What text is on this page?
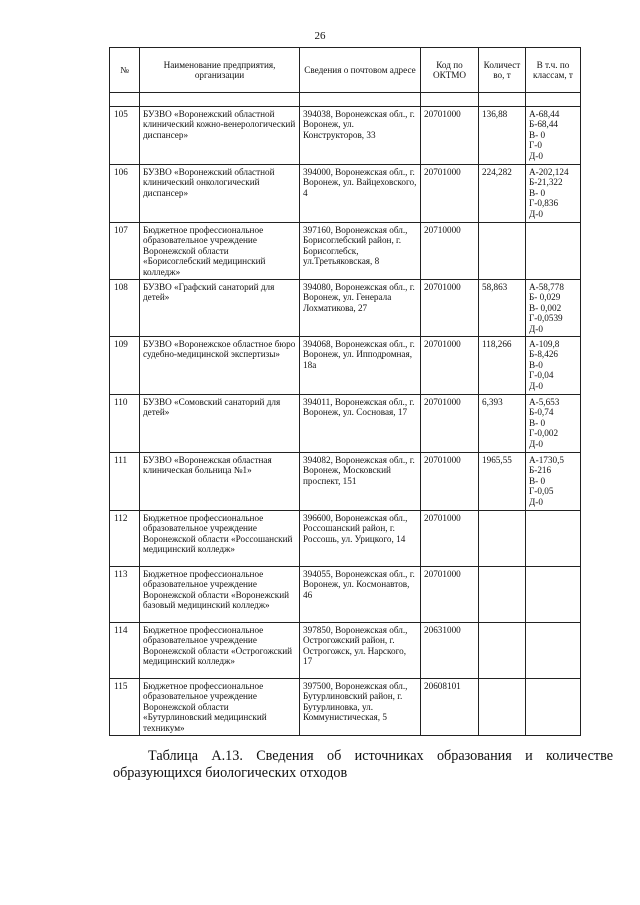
26
№	Наименование предприятия, организации	Сведения о почтовом адресе	Код по ОКТМО	Количест во, т	В т.ч. по классам, т

105	БУЗВО «Воронежский областной клинический кожно-венерологический диспансер»	394038, Воронежская обл., г. Воронеж, ул. Конструкторов, 33	20701000	136,88	А-68,44
Б-68,44
В- 0
Г-0
Д-0

106	БУЗВО «Воронежский областной клинический онкологический диспансер»	394000, Воронежская обл., г. Воронеж, ул. Вайцеховского, 4	20701000	224,282	А-202,124
Б-21,322
В- 0
Г-0,836
Д-0

107	Бюджетное профессиональное образовательное учреждение Воронежской области «Борисоглебский медицинский колледж»	397160, Воронежская обл., Борисоглебский район, г. Борисоглебск, ул.Третьяковская, 8	20710000		
108	БУЗВО «Графский санаторий для детей»	394080, Воронежская обл., г. Воронеж, ул. Генерала Лохматикова, 27	20701000	58,863	А-58,778
Б- 0,029
В- 0,002
Г-0,0539
Д-0

109	БУЗВО «Воронежское областное бюро судебно-медицинской экспертизы»	394068, Воронежская обл., г. Воронеж, ул. Ипподромная, 18а	20701000	118,266	А-109,8
Б-8,426
В-0
Г-0,04
Д-0

110	БУЗВО «Сомовский санаторий для детей»	394011, Воронежская обл., г. Воронеж, ул. Сосновая, 17	20701000	6,393	А-5,653
Б-0,74
В- 0
Г-0,002
Д-0

111	БУЗВО «Воронежская областная клиническая больница №1»	394082, Воронежская обл., г. Воронеж, Московский проспект, 151	20701000	1965,55	А-1730,5
Б-216
В- 0
Г-0,05
Д-0

112	Бюджетное профессиональное образовательное учреждение Воронежской области «Россошанский медицинский колледж»	396600, Воронежская обл., Россошанский район, г. Россошь, ул. Урицкого, 14	20701000		
113	Бюджетное профессиональное образовательное учреждение Воронежской области «Воронежский базовый медицинский колледж»	394055, Воронежская обл., г. Воронеж, ул. Космонавтов, 46	20701000		
114	Бюджетное профессиональное образовательное учреждение Воронежской области «Острогожский медицинский колледж»	397850, Воронежская обл., Острогожский район, г. Острогожск, ул. Нарского, 17	20631000		
115	Бюджетное профессиональное образовательное учреждение Воронежской области «Бутурлиновский медицинский техникум»	397500, Воронежская обл., Бутурлиновский район, г. Бутурлиновка, ул. Коммунистическая, 5	20608101		
Таблица А.13. Сведения об источниках образования и количестве образующихся биологических отходов
